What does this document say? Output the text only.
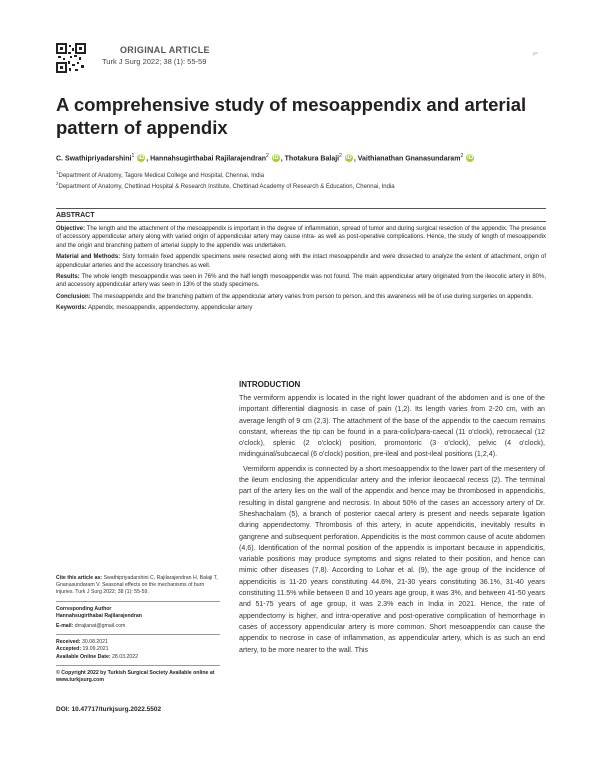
ORIGINAL ARTICLE
Turk J Surg 2022; 38 (1): 55-59
⌐
A comprehensive study of mesoappendix and arterial pattern of appendix
C. Swathipriyadarshini$^1$ iD , Hannahsugirthabai Rajilarajendran$^2$ iD , Thotakura Balaji$^2$ iD , Vaithianathan Gnanasundaram$^2$ iD
$^1$Department of Anatomy, Tagore Medical College and Hospital, Chennai, India
$^2$Department of Anatomy, Chettinad Hospital & Research Institute, Chettinad Academy of Research & Education, Chennai, India
ABSTRACT

Objective: The length and the attachment of the mesoappendix is important in the degree of inflammation, spread of tumor and during surgical resection of the appendix. The presence of accessory appendicular artery along with varied origin of appendicular artery may cause intra- as well as post-operative complications. Hence, the study of length of mesoappendix and the origin and branching pattern of arterial supply to the appendix was undertaken.

Material and Methods: Sixty formalin fixed appendix specimens were resected along with the intact mesoappendix and were dissected to analyze the extent of attachment, origin of appendicular arteries and the accessory branches as well.

Results: The whole length mesoappendix was seen in 76% and the half length mesoappendix was not found. The main appendicular artery originated from the ileocolic artery in 80%, and accessory appendicular artery was seen in 13% of the study specimens.

Conclusion: The mesoappendix and the branching pattern of the appendicular artery varies from person to person, and this awareness will be of use during surgeries on appendix.

Keywords: Appendix, mesoappendix, appendectomy, appendicular artery

Cite this article as: Swathipriyadarshini C, Rajilarajendran H, Balaji T, Gnanasundaram V. Seasonal effects on the mechanisms of burn injuries. Turk J Surg 2022; 38 (1): 55-59.
Corresponding Author
Hannahsugirthabai Rajilarajendran
E-mail: drrajianat@gmail.com
Received: 30.08.2021
Accepted: 19.09.2021
Available Online Date: 28.03.2022
© Copyright 2022 by Turkish Surgical Society Available online at
www.turkjsurg.com
DOI: 10.47717/turkjsurg.2022.5502
INTRODUCTION

The vermiform appendix is located in the right lower quadrant of the abdomen and is one of the important differential diagnosis in case of pain (1,2). Its length varies from 2-20 cm, with an average length of 9 cm (2,3). The attachment of the base of the appendix to the caecum remains constant, whereas the tip can be found in a para-colic/para-caecal (11 o'clock), retrocaecal (12 o'clock), splenic (2 o'clock) position, promontoric (3 o'clock), pelvic (4 o'clock), midinguinal/subcaecal (6 o'clock) position, pre-ileal and post-ileal positions (1,2,4).

Vermiform appendix is connected by a short mesoappendix to the lower part of the mesentery of the ileum enclosing the appendicular artery and the inferior ileocaecal recess (2). The terminal part of the artery lies on the wall of the appendix and hence may be thrombosed in appendicitis, resulting in distal gangrene and necrosis. In about 50% of the cases an accessory artery of Dr. Sheshachalam (5), a branch of posterior caecal artery is present and needs separate ligation during appendectomy. Thrombosis of this artery, in acute appendicitis, inevitably results in gangrene and subsequent perforation. Appendicitis is the most common cause of acute abdomen (4,6). Identification of the normal position of the appendix is important because in appendicitis, variable positions may produce symptoms and signs related to their position, and hence can mimic other diseases (7,8). According to Lohar et al. (9), the age group of the incidence of appendicitis is 11-20 years constituting 44.6%, 21-30 years constituting 36.1%, 31-40 years constituting 11.5% while between 0 and 10 years age group, it was 3%, and between 41-50 years and 51-75 years of age group, it was 2.3% each in India in 2021. Hence, the rate of appendectomy is higher, and intra-operative and post-operative complication of hemorrhage in cases of accessory appendicular artery is more common. Short mesoappendix can cause the appendix to necrose in case of inflammation, as appendicular artery, which is as such an end artery, to be more nearer to the wall. This
